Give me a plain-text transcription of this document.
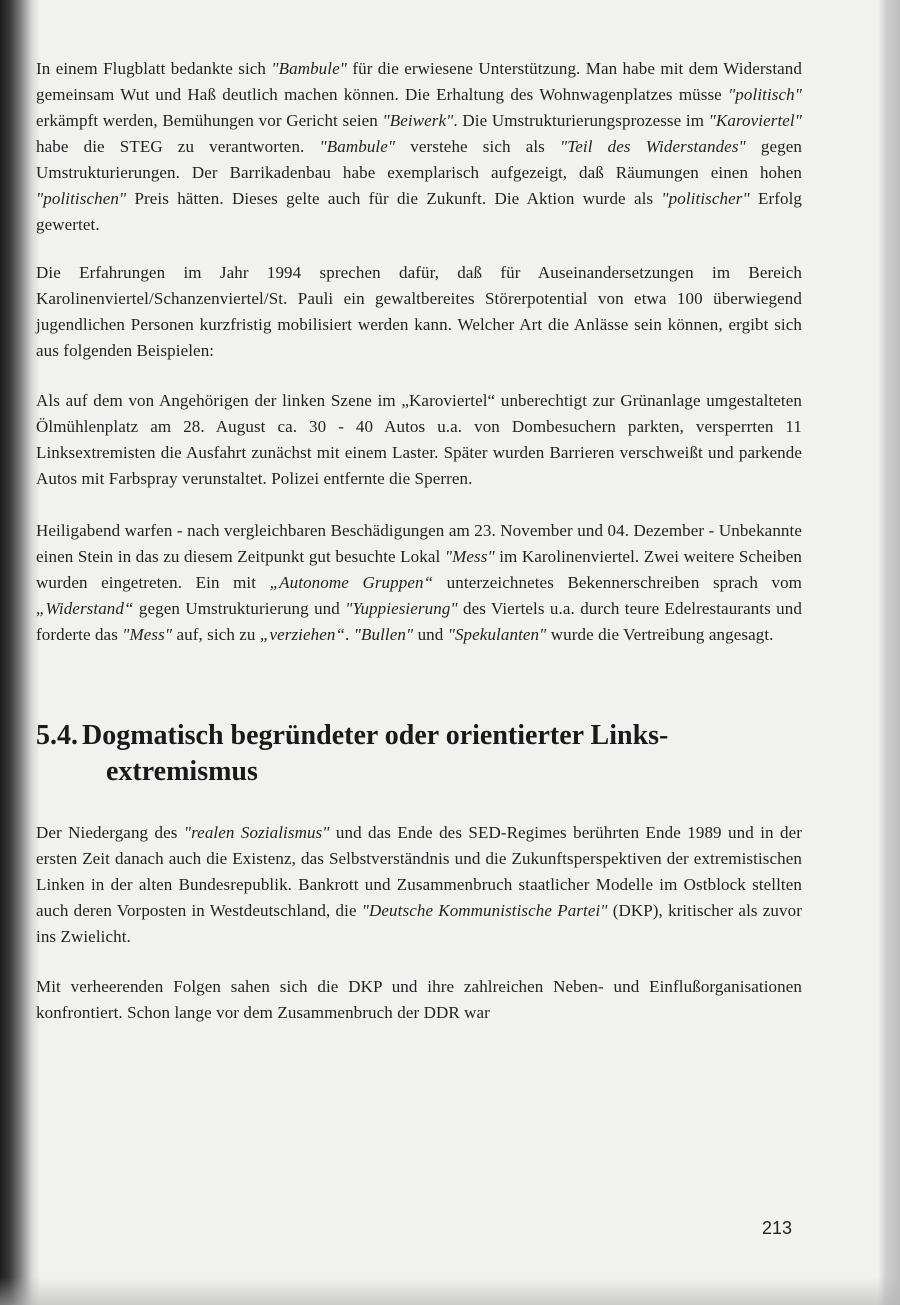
In einem Flugblatt bedankte sich "Bambule" für die erwiesene Unterstützung. Man habe mit dem Widerstand gemeinsam Wut und Haß deutlich machen können. Die Erhaltung des Wohnwagenplatzes müsse "politisch" erkämpft werden, Bemühungen vor Gericht seien "Beiwerk". Die Umstrukturierungsprozesse im "Karoviertel" habe die STEG zu verantworten. "Bambule" verstehe sich als "Teil des Widerstandes" gegen Umstrukturierungen. Der Barrikadenbau habe exemplarisch aufgezeigt, daß Räumungen einen hohen "politischen" Preis hätten. Dieses gelte auch für die Zukunft. Die Aktion wurde als "politischer" Erfolg gewertet.

Die Erfahrungen im Jahr 1994 sprechen dafür, daß für Auseinandersetzungen im Bereich Karolinenviertel/Schanzenviertel/St. Pauli ein gewaltbereites Störerpotential von etwa 100 überwiegend jugendlichen Personen kurzfristig mobilisiert werden kann. Welcher Art die Anlässe sein können, ergibt sich aus folgenden Beispielen:

Als auf dem von Angehörigen der linken Szene im „Karoviertel“ unberechtigt zur Grünanlage umgestalteten Ölmühlenplatz am 28. August ca. 30 - 40 Autos u.a. von Dombesuchern parkten, versperrten 11 Linksextremisten die Ausfahrt zunächst mit einem Laster. Später wurden Barrieren verschweißt und parkende Autos mit Farbspray verunstaltet. Polizei entfernte die Sperren.

Heiligabend warfen - nach vergleichbaren Beschädigungen am 23. November und 04. Dezember - Unbekannte einen Stein in das zu diesem Zeitpunkt gut besuchte Lokal "Mess" im Karolinenviertel. Zwei weitere Scheiben wurden eingetreten. Ein mit „Autonome Gruppen“ unterzeichnetes Bekennerschreiben sprach vom „Widerstand“ gegen Umstrukturierung und "Yuppiesierung" des Viertels u.a. durch teure Edelrestaurants und forderte das "Mess" auf, sich zu „verziehen“. "Bullen" und "Spekulanten" wurde die Vertreibung angesagt.

5.4. Dogmatisch begründeter oder orientierter Links-
extremismus

Der Niedergang des "realen Sozialismus" und das Ende des SED-Regimes berührten Ende 1989 und in der ersten Zeit danach auch die Existenz, das Selbstverständnis und die Zukunftsperspektiven der extremistischen Linken in der alten Bundesrepublik. Bankrott und Zusammenbruch staatlicher Modelle im Ostblock stellten auch deren Vorposten in Westdeutschland, die "Deutsche Kommunistische Partei" (DKP), kritischer als zuvor ins Zwielicht.

Mit verheerenden Folgen sahen sich die DKP und ihre zahlreichen Neben- und Einflußorganisationen konfrontiert. Schon lange vor dem Zusammenbruch der DDR war

213
